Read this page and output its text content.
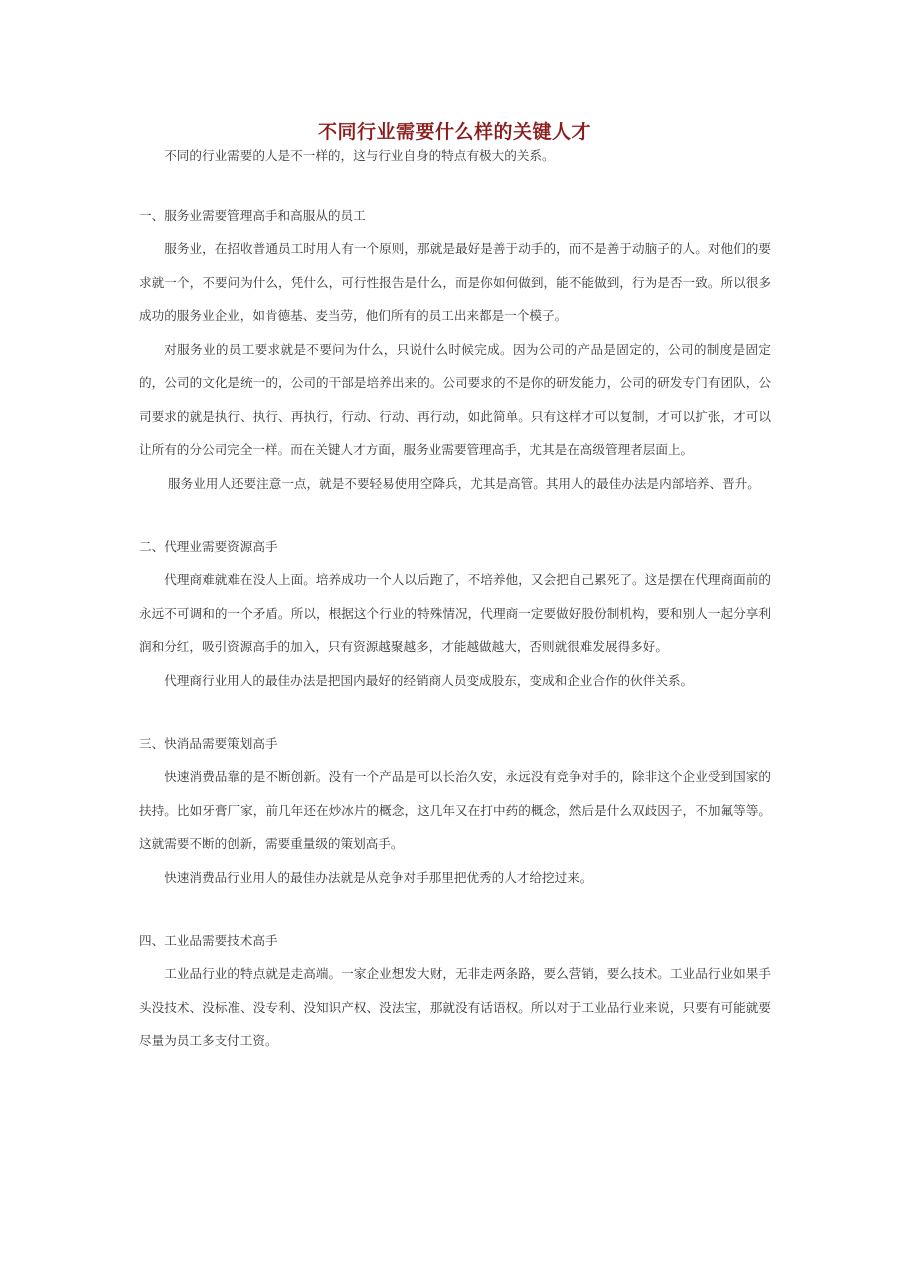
不同行业需要什么样的关键人才

不同的行业需要的人是不一样的，这与行业自身的特点有极大的关系。

一、服务业需要管理高手和高服从的员工

服务业，在招收普通员工时用人有一个原则，那就是最好是善于动手的，而不是善于动脑子的人。对他们的要求就一个，不要问为什么，凭什么，可行性报告是什么，而是你如何做到，能不能做到，行为是否一致。所以很多成功的服务业企业，如肯德基、麦当劳，他们所有的员工出来都是一个模子。

对服务业的员工要求就是不要问为什么，只说什么时候完成。因为公司的产品是固定的，公司的制度是固定的，公司的文化是统一的，公司的干部是培养出来的。公司要求的不是你的研发能力，公司的研发专门有团队，公司要求的就是执行、执行、再执行，行动、行动、再行动，如此简单。只有这样才可以复制，才可以扩张，才可以让所有的分公司完全一样。而在关键人才方面，服务业需要管理高手，尤其是在高级管理者层面上。

服务业用人还要注意一点，就是不要轻易使用空降兵，尤其是高管。其用人的最佳办法是内部培养、晋升。

二、代理业需要资源高手

代理商难就难在没人上面。培养成功一个人以后跑了，不培养他，又会把自己累死了。这是摆在代理商面前的永远不可调和的一个矛盾。所以，根据这个行业的特殊情况，代理商一定要做好股份制机构，要和别人一起分享利润和分红，吸引资源高手的加入，只有资源越聚越多，才能越做越大，否则就很难发展得多好。

代理商行业用人的最佳办法是把国内最好的经销商人员变成股东，变成和企业合作的伙伴关系。

三、快消品需要策划高手

快速消费品靠的是不断创新。没有一个产品是可以长治久安，永远没有竞争对手的，除非这个企业受到国家的扶持。比如牙膏厂家，前几年还在炒冰片的概念，这几年又在打中药的概念，然后是什么双歧因子，不加氟等等。这就需要不断的创新，需要重量级的策划高手。

快速消费品行业用人的最佳办法就是从竞争对手那里把优秀的人才给挖过来。

四、工业品需要技术高手

工业品行业的特点就是走高端。一家企业想发大财，无非走两条路，要么营销，要么技术。工业品行业如果手头没技术、没标准、没专利、没知识产权、没法宝，那就没有话语权。所以对于工业品行业来说，只要有可能就要尽量为员工多支付工资。
